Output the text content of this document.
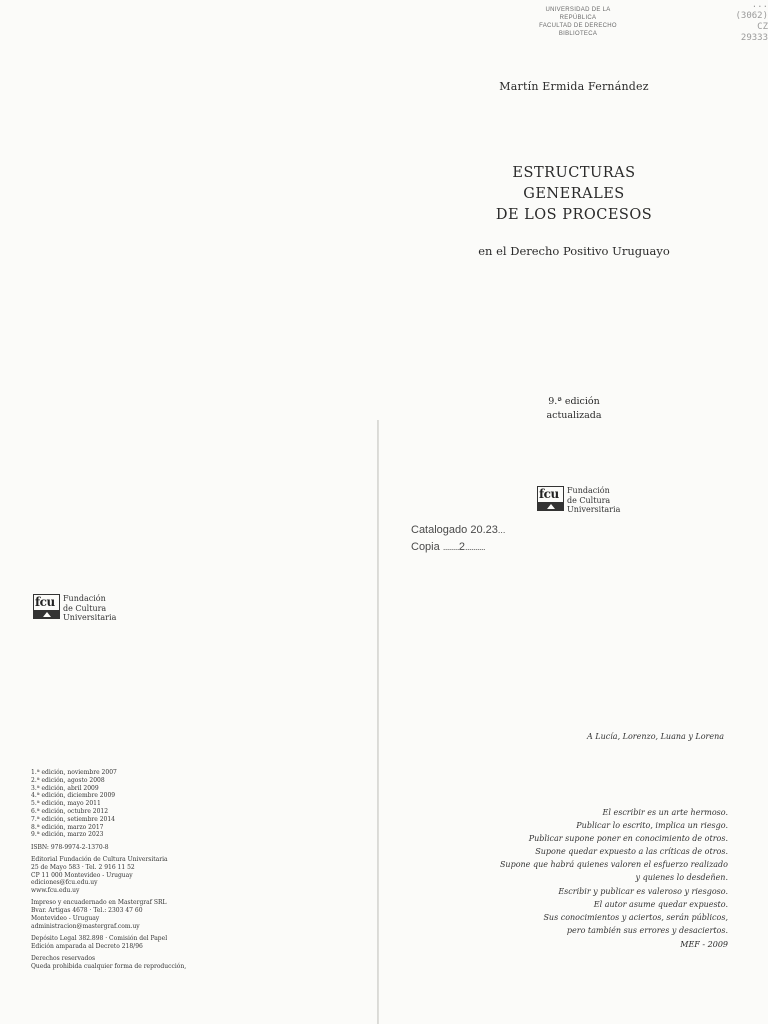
UNIVERSIDAD DE LA REPÚBLICA
FACULTAD DE DERECHO
BIBLIOTECA
...
(3062)
CZ
29333
Martín Ermida Fernández
ESTRUCTURAS
GENERALES
DE LOS PROCESOS
en el Derecho Positivo Uruguayo
9.ª edición
actualizada
fcu Fundación
de Cultura
Universitaria
Catalogado
20.23 ...
Copia
........ 2 ..........
fcu Fundación
de Cultura
Universitaria
A Lucía, Lorenzo, Luana y Lorena
El escribir es un arte hermoso.
Publicar lo escrito, implica un riesgo.
Publicar supone poner en conocimiento de otros.
Supone quedar expuesto a las críticas de otros.
Supone que habrá quienes valoren el esfuerzo realizado
y quienes lo desdeñen.
Escribir y publicar es valeroso y riesgoso.
El autor asume quedar expuesto.
Sus conocimientos y aciertos, serán públicos,
pero también sus errores y desaciertos.
MEF - 2009
1.ª edición, noviembre 2007
2.ª edición, agosto 2008
3.ª edición, abril 2009
4.ª edición, diciembre 2009
5.ª edición, mayo 2011
6.ª edición, octubre 2012
7.ª edición, setiembre 2014
8.ª edición, marzo 2017
9.ª edición, marzo 2023
ISBN: 978-9974-2-1370-8
Editorial Fundación de Cultura Universitaria
25 de Mayo 583 · Tel. 2 916 11 52
CP 11 000 Montevideo - Uruguay
ediciones@fcu.edu.uy
www.fcu.edu.uy
Impreso y encuadernado en Mastergraf SRL
Bvar. Artigas 4678 · Tel.: 2303 47 60
Montevideo - Uruguay
administracion@mastergraf.com.uy
Depósito Legal 382.898 · Comisión del Papel
Edición amparada al Decreto 218/96
Derechos reservados
Queda prohibida cualquier forma de reproducción,
